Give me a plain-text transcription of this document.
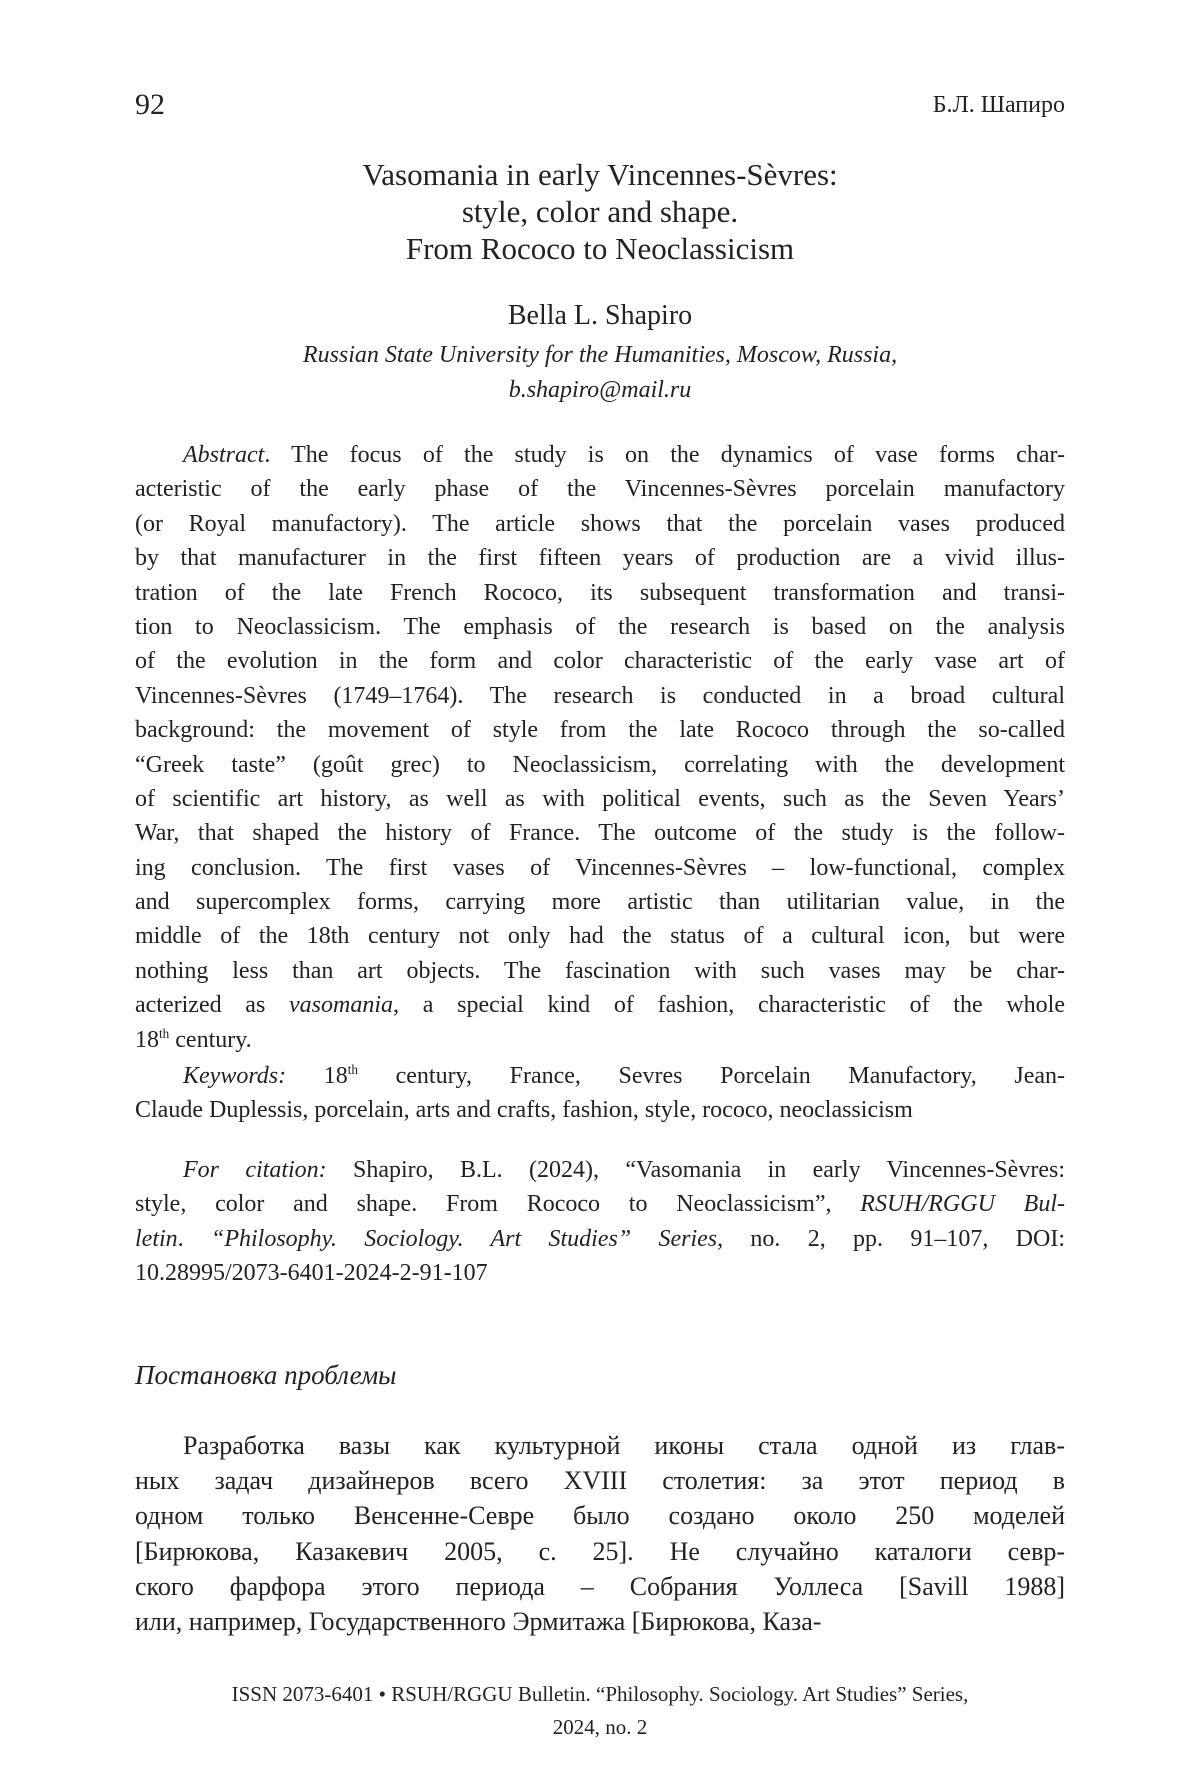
92	Б.Л. Шапиро
Vasomania in early Vincennes-Sèvres:
style, color and shape.
From Rococo to Neoclassicism
Bella L. Shapiro
Russian State University for the Humanities, Moscow, Russia,
b.shapiro@mail.ru
Abstract. The focus of the study is on the dynamics of vase forms char-
acteristic of the early phase of the Vincennes-Sèvres porcelain manufactory
(or Royal manufactory). The article shows that the porcelain vases produced
by that manufacturer in the first fifteen years of production are a vivid illus-
tration of the late French Rococo, its subsequent transformation and transi-
tion to Neoclassicism. The emphasis of the research is based on the analysis
of the evolution in the form and color characteristic of the early vase art of
Vincennes-Sèvres (1749–1764). The research is conducted in a broad cultural
background: the movement of style from the late Rococo through the so-called
“Greek taste” (goût grec) to Neoclassicism, correlating with the development
of scientific art history, as well as with political events, such as the Seven Years’
War, that shaped the history of France. The outcome of the study is the follow-
ing conclusion. The first vases of Vincennes-Sèvres – low-functional, complex
and supercomplex forms, carrying more artistic than utilitarian value, in the
middle of the 18th century not only had the status of a cultural icon, but were
nothing less than art objects. The fascination with such vases may be char-
acterized as vasomania, a special kind of fashion, characteristic of the whole
18th century.
Keywords: 18th century, France, Sevres Porcelain Manufactory, Jean-
Claude Duplessis, porcelain, arts and crafts, fashion, style, rococo, neoclassicism
For citation: Shapiro, B.L. (2024), “Vasomania in early Vincennes-Sèvres:
style, color and shape. From Rococo to Neoclassicism”, RSUH/RGGU Bul-
letin. “Philosophy. Sociology. Art Studies” Series, no. 2, pp. 91–107, DOI:
10.28995/2073-6401-2024-2-91-107
Постановка проблемы
Разработка вазы как культурной иконы стала одной из глав-
ных задач дизайнеров всего XVIII столетия: за этот период в
одном только Венсенне-Севре было создано около 250 моделей
[Бирюкова, Казакевич 2005, с. 25]. Не случайно каталоги севр-
ского фарфора этого периода – Собрания Уоллеса [Savill 1988]
или, например, Государственного Эрмитажа [Бирюкова, Каза-
ISSN 2073-6401 • RSUH/RGGU Bulletin. “Philosophy. Sociology. Art Studies” Series,
2024, no. 2
